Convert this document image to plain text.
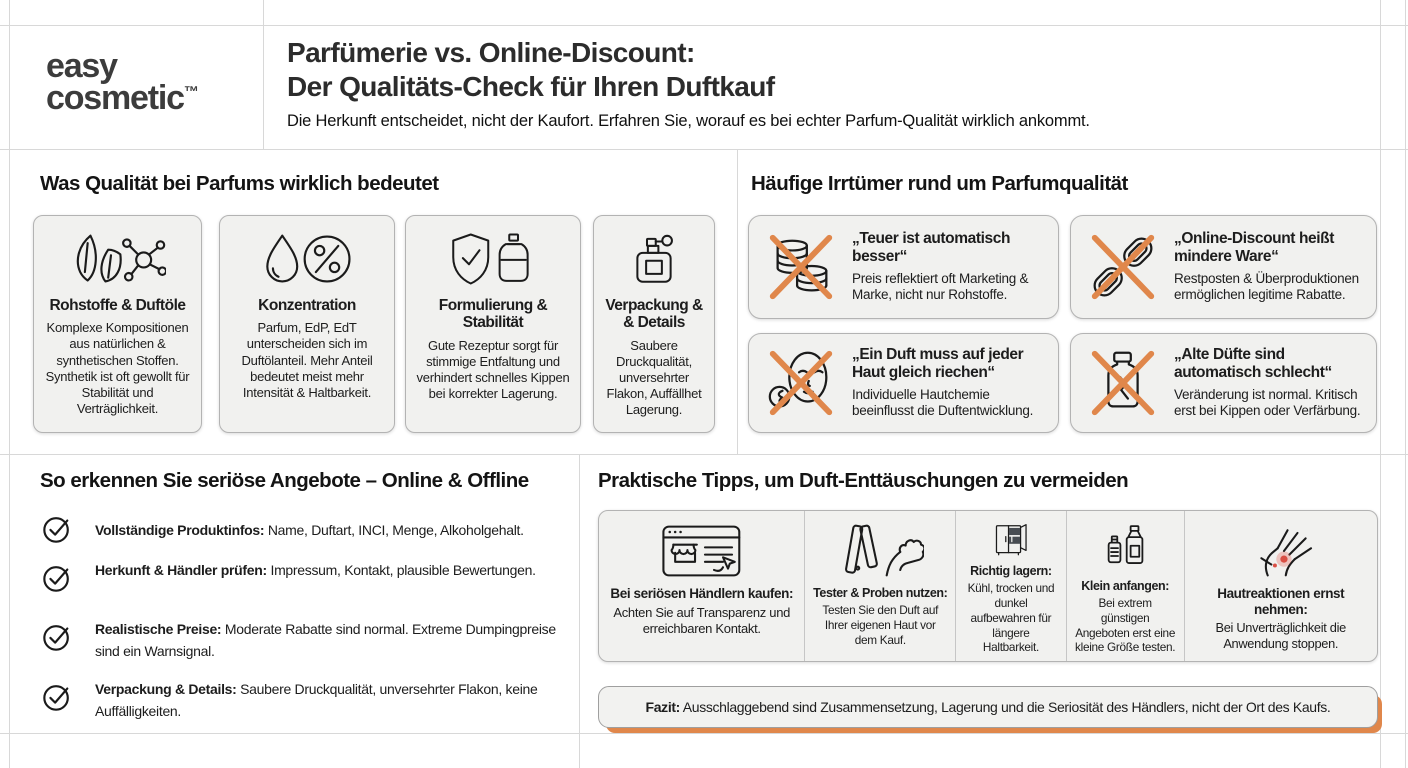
easy
cosmetic™
Parfümerie vs. Online-Discount:
Der Qualitäts-Check für Ihren Duftkauf
Die Herkunft entscheidet, nicht der Kaufort. Erfahren Sie, worauf es bei echter Parfum-Qualität wirklich ankommt.
Was Qualität bei Parfums wirklich bedeutet
Rohstoffe & Duftöle

Komplexe Kompositionen aus natürlichen & synthetischen Stoffen. Synthetik ist oft gewollt für Stabilität und Verträglichkeit.

Konzentration

Parfum, EdP, EdT unterscheiden sich im Duftölanteil. Mehr Anteil bedeutet meist mehr Intensität & Haltbarkeit.

Formulierung & Stabilität

Gute Rezeptur sorgt für stimmige Entfaltung und verhindert schnelles Kippen bei korrekter Lagerung.

Verpackung & & Details

Saubere Druckqualität, unversehrter Flakon, Auffällhet Lagerung.

Häufige Irrtümer rund um Parfumqualität
„Teuer ist automatisch besser“

Preis reflektiert oft Marketing & Marke, nicht nur Rohstoffe.

„Online-Discount heißt mindere Ware“

Restposten & Überproduktionen ermöglichen legitime Rabatte.

„Ein Duft muss auf jeder Haut gleich riechen“

Individuelle Hautchemie beeinflusst die Duftentwicklung.

„Alte Düfte sind automatisch schlecht“

Veränderung ist normal. Kritisch erst bei Kippen oder Verfärbung.

So erkennen Sie seriöse Angebote – Online & Offline
Vollständige Produktinfos: Name, Duftart, INCI, Menge, Alkoholgehalt.
Herkunft & Händler prüfen: Impressum, Kontakt, plausible Bewertungen.
Realistische Preise: Moderate Rabatte sind normal. Extreme Dumpingpreise sind ein Warnsignal.
Verpackung & Details: Saubere Druckqualität, unversehrter Flakon, keine Auffälligkeiten.
Praktische Tipps, um Duft-Enttäuschungen zu vermeiden
Bei seriösen Händlern kaufen:

Achten Sie auf Transparenz und erreichbaren Kontakt.

Tester & Proben nutzen:

Testen Sie den Duft auf Ihrer eigenen Haut vor dem Kauf.

Richtig lagern:

Kühl, trocken und dunkel aufbewahren für längere Haltbarkeit.

Klein anfangen:

Bei extrem günstigen Angeboten erst eine kleine Größe testen.

Hautreaktionen ernst nehmen:

Bei Unverträglichkeit die Anwendung stoppen.

Fazit: Ausschlaggebend sind Zusammensetzung, Lagerung und die Seriosität des Händlers, nicht der Ort des Kaufs.
